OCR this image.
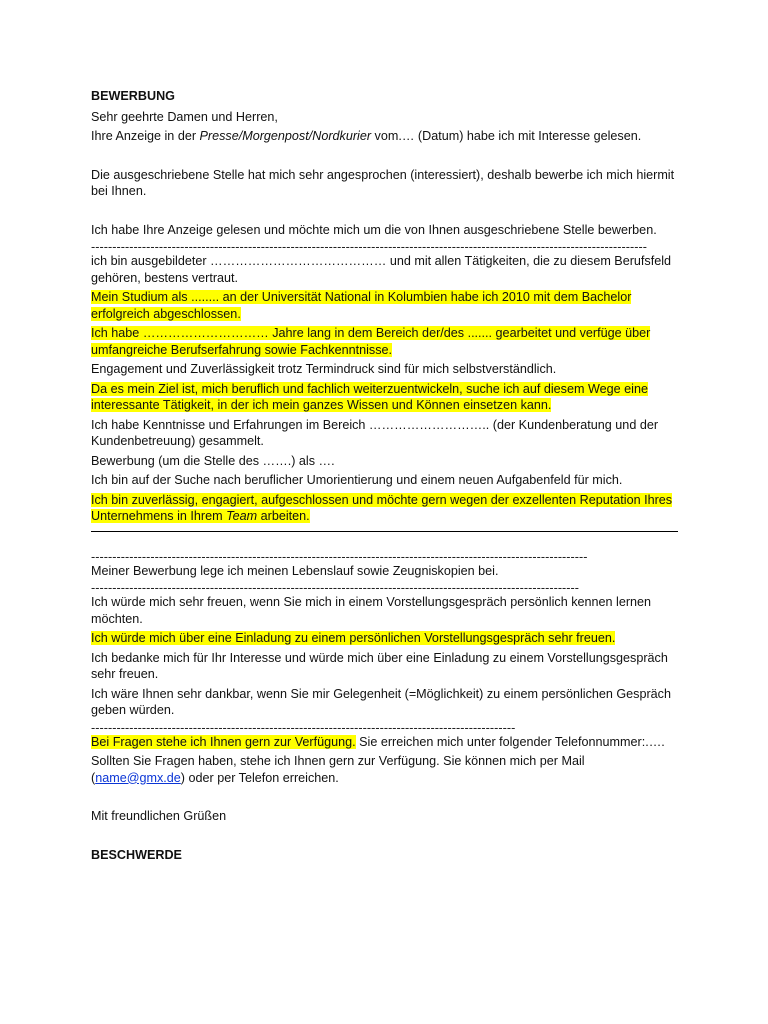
BEWERBUNG
Sehr geehrte Damen und Herren,
Ihre Anzeige in der Presse/Morgenpost/Nordkurier vom.… (Datum) habe ich mit Interesse gelesen.
Die ausgeschriebene Stelle hat mich sehr angesprochen (interessiert), deshalb bewerbe ich mich hiermit bei Ihnen.
Ich habe Ihre Anzeige gelesen und möchte mich um die von Ihnen ausgeschriebene Stelle bewerben.
-----------------------------------------------------------------------------------------------------------------------------------
ich bin ausgebildeter …………………………………… und mit allen Tätigkeiten, die zu diesem Berufsfeld gehören, bestens vertraut.
Mein Studium als ........ an der Universität National in Kolumbien habe ich 2010 mit dem Bachelor erfolgreich abgeschlossen.
Ich habe ………………………… Jahre lang in dem Bereich der/des ....... gearbeitet und verfüge über umfangreiche Berufserfahrung sowie Fachkenntnisse.
Engagement und Zuverlässigkeit trotz Termindruck sind für mich selbstverständlich.
Da es mein Ziel ist, mich beruflich und fachlich weiterzuentwickeln, suche ich auf diesem Wege eine interessante Tätigkeit, in der ich mein ganzes Wissen und Können einsetzen kann.
Ich habe Kenntnisse und Erfahrungen im Bereich ……………………….. (der Kundenberatung und der Kundenbetreuung) gesammelt.
Bewerbung (um die Stelle des …….) als ….
Ich bin auf der Suche nach beruflicher Umorientierung und einem neuen Aufgabenfeld für mich.
Ich bin zuverlässig, engagiert, aufgeschlossen und möchte gern wegen der exzellenten Reputation Ihres Unternehmens in Ihrem Team arbeiten.
---------------------------------------------------------------------------------------------------------------------
Meiner Bewerbung lege ich meinen Lebenslauf sowie Zeugniskopien bei.
-------------------------------------------------------------------------------------------------------------------
Ich würde mich sehr freuen, wenn Sie mich in einem Vorstellungsgespräch persönlich kennen lernen möchten.
Ich würde mich über eine Einladung zu einem persönlichen Vorstellungsgespräch sehr freuen.
Ich bedanke mich für Ihr Interesse und würde mich über eine Einladung zu einem Vorstellungsgespräch sehr freuen.
Ich wäre Ihnen sehr dankbar, wenn Sie mir Gelegenheit (=Möglichkeit) zu einem persönlichen Gespräch geben würden.
----------------------------------------------------------------------------------------------------
Bei Fragen stehe ich Ihnen gern zur Verfügung. Sie erreichen mich unter folgender Telefonnummer:.….
Sollten Sie Fragen haben, stehe ich Ihnen gern zur Verfügung. Sie können mich per Mail (name@gmx.de) oder per Telefon erreichen.
Mit freundlichen Grüßen
BESCHWERDE
